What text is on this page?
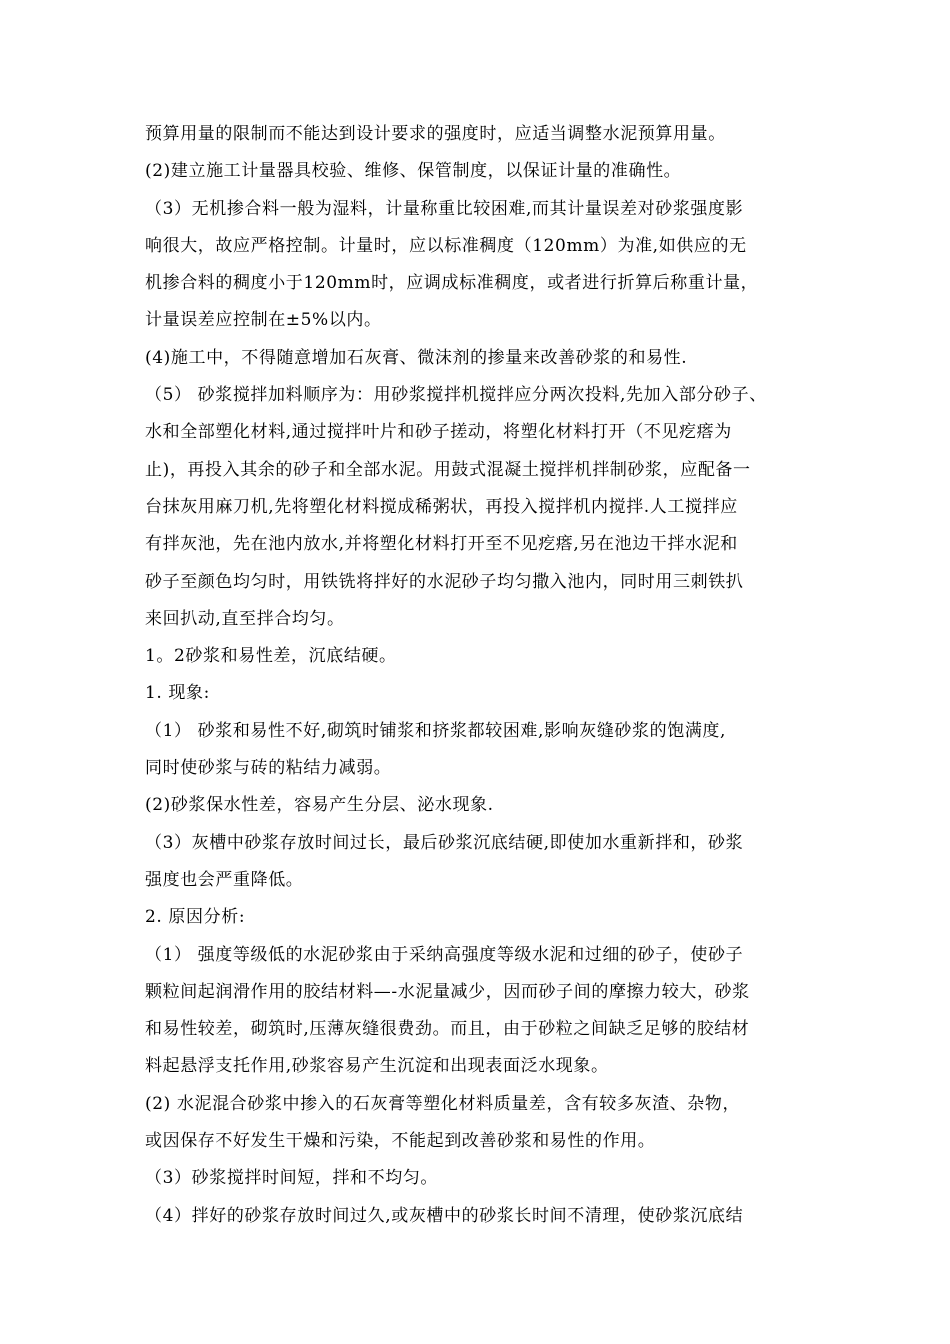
预算用量的限制而不能达到设计要求的强度时，应适当调整水泥预算用量。
(2)建立施工计量器具校验、维修、保管制度，以保证计量的准确性。
（3）无机掺合料一般为湿料，计量称重比较困难,而其计量误差对砂浆强度影
响很大，故应严格控制。计量时，应以标准稠度（120mm）为准,如供应的无
机掺合料的稠度小于120mm时，应调成标准稠度，或者进行折算后称重计量，
计量误差应控制在±5%以内。
(4)施工中，不得随意增加石灰膏、微沫剂的掺量来改善砂浆的和易性.
（5） 砂浆搅拌加料顺序为：用砂浆搅拌机搅拌应分两次投料,先加入部分砂子、
水和全部塑化材料,通过搅拌叶片和砂子搓动，将塑化材料打开（不见疙瘩为
止)，再投入其余的砂子和全部水泥。用鼓式混凝土搅拌机拌制砂浆，应配备一
台抹灰用麻刀机,先将塑化材料搅成稀粥状，再投入搅拌机内搅拌.人工搅拌应
有拌灰池，先在池内放水,并将塑化材料打开至不见疙瘩,另在池边干拌水泥和
砂子至颜色均匀时，用铁铣将拌好的水泥砂子均匀撒入池内，同时用三刺铁扒
来回扒动,直至拌合均匀。
1。2砂浆和易性差，沉底结硬。
1. 现象:
（1） 砂浆和易性不好,砌筑时铺浆和挤浆都较困难,影响灰缝砂浆的饱满度,
同时使砂浆与砖的粘结力减弱。
(2)砂浆保水性差，容易产生分层、泌水现象.
（3）灰槽中砂浆存放时间过长，最后砂浆沉底结硬,即使加水重新拌和，砂浆
强度也会严重降低。
2. 原因分析:
（1） 强度等级低的水泥砂浆由于采纳高强度等级水泥和过细的砂子，使砂子
颗粒间起润滑作用的胶结材料—-水泥量减少，因而砂子间的摩擦力较大，砂浆
和易性较差，砌筑时,压薄灰缝很费劲。而且，由于砂粒之间缺乏足够的胶结材
料起悬浮支托作用,砂浆容易产生沉淀和出现表面泛水现象。
(2) 水泥混合砂浆中掺入的石灰膏等塑化材料质量差，含有较多灰渣、杂物，
或因保存不好发生干燥和污染，不能起到改善砂浆和易性的作用。
（3）砂浆搅拌时间短，拌和不均匀。
（4）拌好的砂浆存放时间过久,或灰槽中的砂浆长时间不清理，使砂浆沉底结
